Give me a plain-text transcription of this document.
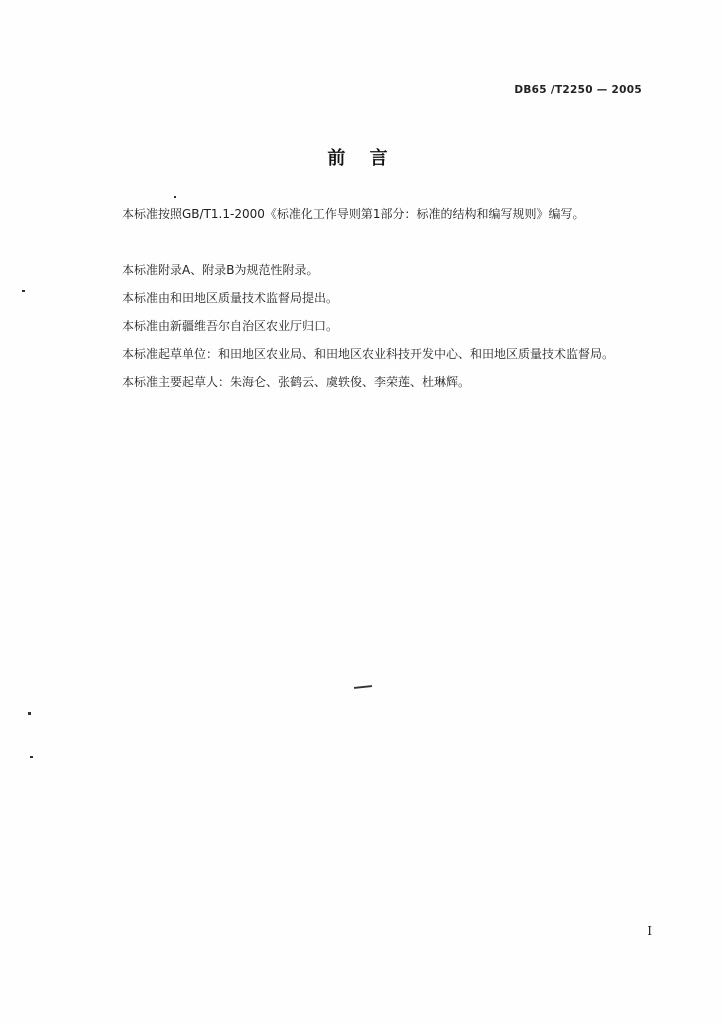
DB65 /T2250 — 2005
前 言
本标准按照GB/T1.1-2000《标准化工作导则第1部分：标准的结构和编写规则》编写。
本标准附录A、附录B为规范性附录。
本标准由和田地区质量技术监督局提出。
本标准由新疆维吾尔自治区农业厅归口。
本标准起草单位：和田地区农业局、和田地区农业科技开发中心、和田地区质量技术监督局。
本标准主要起草人：朱海仑、张鹤云、虞轶俊、李荣莲、杜琳辉。
I
